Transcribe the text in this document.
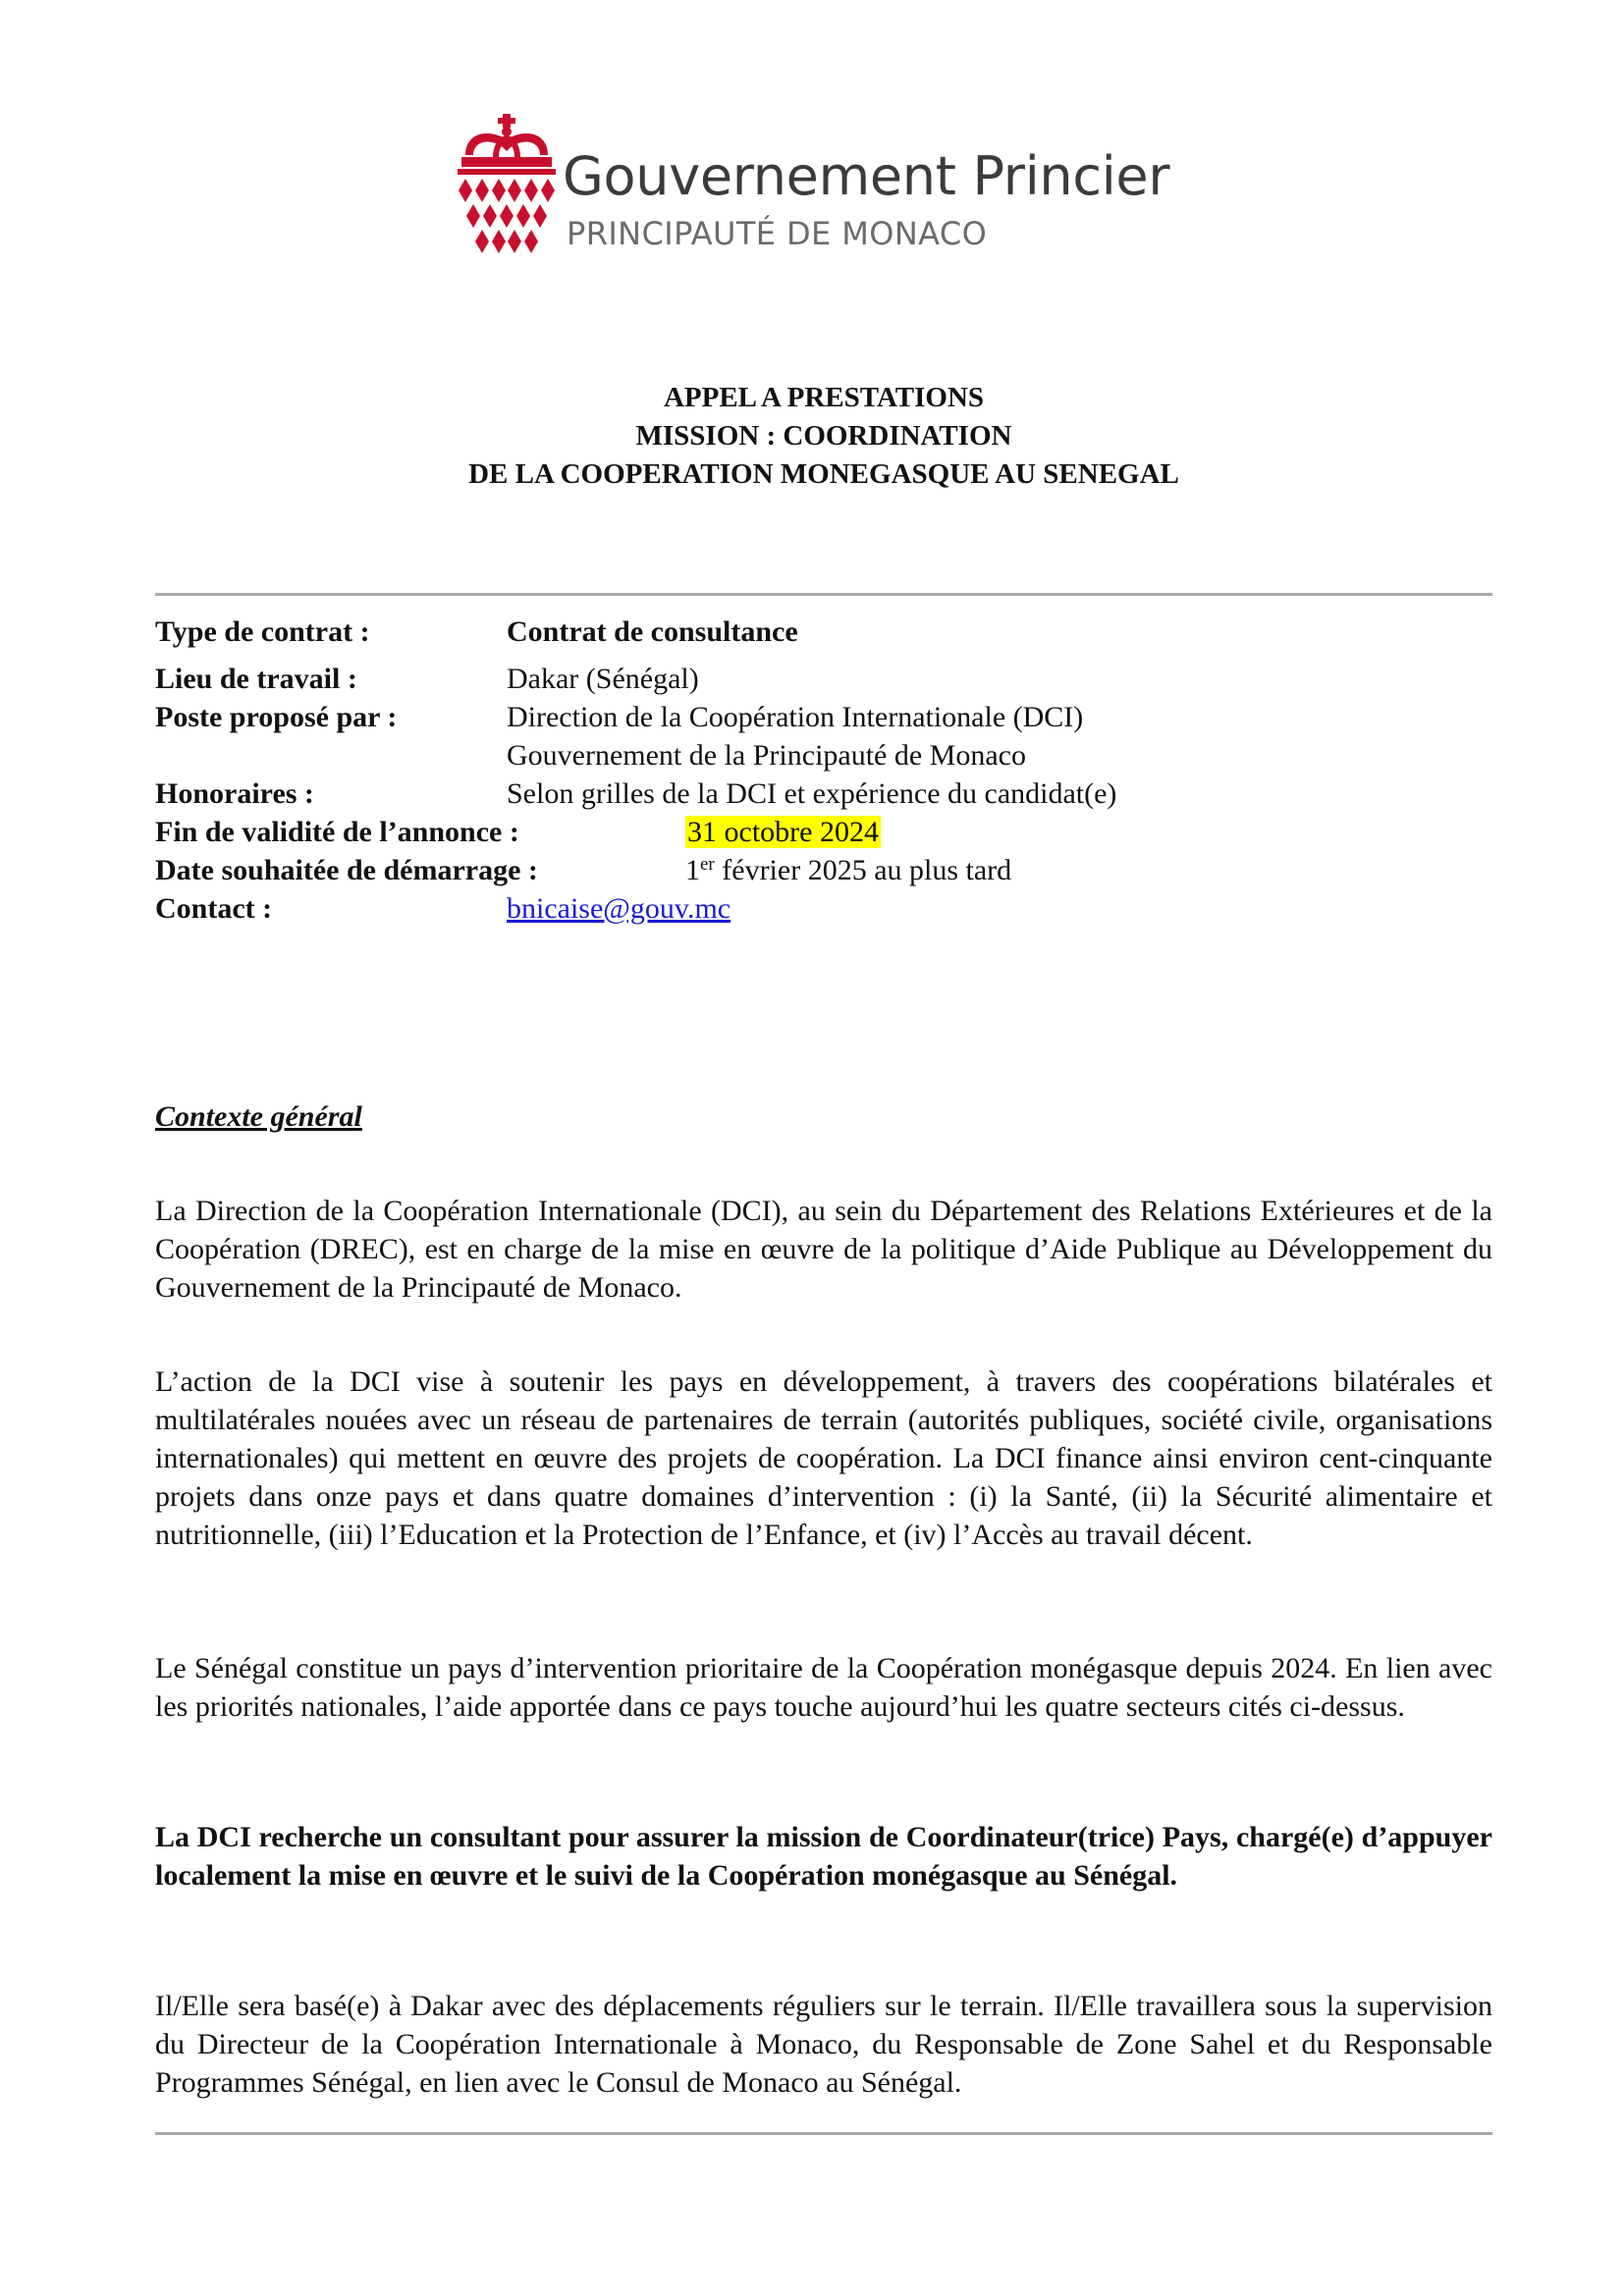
Gouvernement Princier
PRINCIPAUTÉ DE MONACO
APPEL A PRESTATIONS
MISSION : COORDINATION
DE LA COOPERATION MONEGASQUE AU SENEGAL
Type de contrat :	Contrat de consultance
Lieu de travail :	Dakar (Sénégal)
Poste proposé par :	Direction de la Coopération Internationale (DCI)
Gouvernement de la Principauté de Monaco
Honoraires :	Selon grilles de la DCI et expérience du candidat(e)
Fin de validité de l’annonce :	31 octobre 2024
Date souhaitée de démarrage :	1er février 2025 au plus tard
Contact :	bnicaise@gouv.mc
Contexte général

La Direction de la Coopération Internationale (DCI), au sein du Département des Relations Extérieures et de la Coopération (DREC), est en charge de la mise en œuvre de la politique d’Aide Publique au Développement du Gouvernement de la Principauté de Monaco.

L’action de la DCI vise à soutenir les pays en développement, à travers des coopérations bilatérales et multilatérales nouées avec un réseau de partenaires de terrain (autorités publiques, société civile, organisations internationales) qui mettent en œuvre des projets de coopération. La DCI finance ainsi environ cent-cinquante projets dans onze pays et dans quatre domaines d’intervention : (i) la Santé, (ii) la Sécurité alimentaire et nutritionnelle, (iii) l’Education et la Protection de l’Enfance, et (iv) l’Accès au travail décent.

Le Sénégal constitue un pays d’intervention prioritaire de la Coopération monégasque depuis 2024. En lien avec les priorités nationales, l’aide apportée dans ce pays touche aujourd’hui les quatre secteurs cités ci-dessus.

La DCI recherche un consultant pour assurer la mission de Coordinateur(trice) Pays, chargé(e) d’appuyer localement la mise en œuvre et le suivi de la Coopération monégasque au Sénégal.

Il/Elle sera basé(e) à Dakar avec des déplacements réguliers sur le terrain. Il/Elle travaillera sous la supervision du Directeur de la Coopération Internationale à Monaco, du Responsable de Zone Sahel et du Responsable Programmes Sénégal, en lien avec le Consul de Monaco au Sénégal.
